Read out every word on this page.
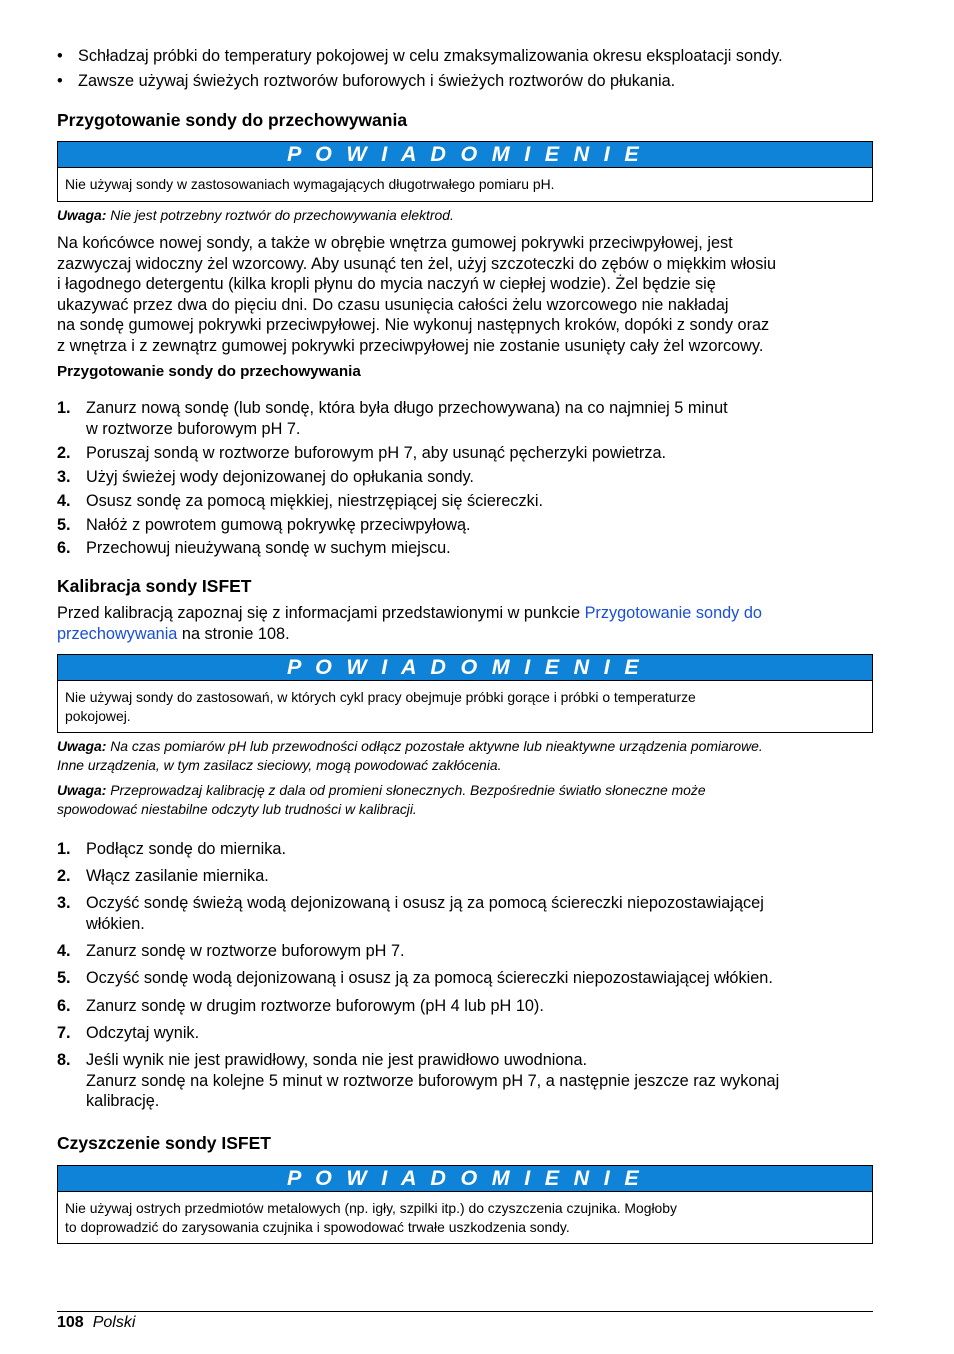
• Schładzaj próbki do temperatury pokojowej w celu zmaksymalizowania okresu eksploatacji sondy.
• Zawsze używaj świeżych roztworów buforowych i świeżych roztworów do płukania.
Przygotowanie sondy do przechowywania
P O W I A D O M I E N I E
Nie używaj sondy w zastosowaniach wymagających długotrwałego pomiaru pH.
Uwaga: Nie jest potrzebny roztwór do przechowywania elektrod.
Na końcówce nowej sondy, a także w obrębie wnętrza gumowej pokrywki przeciwpyłowej, jest
zazwyczaj widoczny żel wzorcowy. Aby usunąć ten żel, użyj szczoteczki do zębów o miękkim włosiu
i łagodnego detergentu (kilka kropli płynu do mycia naczyń w ciepłej wodzie). Żel będzie się
ukazywać przez dwa do pięciu dni. Do czasu usunięcia całości żelu wzorcowego nie nakładaj
na sondę gumowej pokrywki przeciwpyłowej. Nie wykonuj następnych kroków, dopóki z sondy oraz
z wnętrza i z zewnątrz gumowej pokrywki przeciwpyłowej nie zostanie usunięty cały żel wzorcowy.
Przygotowanie sondy do przechowywania
1. Zanurz nową sondę (lub sondę, która była długo przechowywana) na co najmniej 5 minut
w roztworze buforowym pH 7.
2. Poruszaj sondą w roztworze buforowym pH 7, aby usunąć pęcherzyki powietrza.
3. Użyj świeżej wody dejonizowanej do opłukania sondy.
4. Osusz sondę za pomocą miękkiej, niestrzępiącej się ściereczki.
5. Nałóż z powrotem gumową pokrywkę przeciwpyłową.
6. Przechowuj nieużywaną sondę w suchym miejscu.
Kalibracja sondy ISFET
Przed kalibracją zapoznaj się z informacjami przedstawionymi w punkcie Przygotowanie sondy do
przechowywania na stronie 108.
P O W I A D O M I E N I E
Nie używaj sondy do zastosowań, w których cykl pracy obejmuje próbki gorące i próbki o temperaturze
pokojowej.
Uwaga: Na czas pomiarów pH lub przewodności odłącz pozostałe aktywne lub nieaktywne urządzenia pomiarowe.
Inne urządzenia, w tym zasilacz sieciowy, mogą powodować zakłócenia.
Uwaga: Przeprowadzaj kalibrację z dala od promieni słonecznych. Bezpośrednie światło słoneczne może
spowodować niestabilne odczyty lub trudności w kalibracji.
1. Podłącz sondę do miernika.
2. Włącz zasilanie miernika.
3. Oczyść sondę świeżą wodą dejonizowaną i osusz ją za pomocą ściereczki niepozostawiającej
włókien.
4. Zanurz sondę w roztworze buforowym pH 7.
5. Oczyść sondę wodą dejonizowaną i osusz ją za pomocą ściereczki niepozostawiającej włókien.
6. Zanurz sondę w drugim roztworze buforowym (pH 4 lub pH 10).
7. Odczytaj wynik.
8. Jeśli wynik nie jest prawidłowy, sonda nie jest prawidłowo uwodniona.
Zanurz sondę na kolejne 5 minut w roztworze buforowym pH 7, a następnie jeszcze raz wykonaj
kalibrację.
Czyszczenie sondy ISFET
P O W I A D O M I E N I E
Nie używaj ostrych przedmiotów metalowych (np. igły, szpilki itp.) do czyszczenia czujnika. Mogłoby
to doprowadzić do zarysowania czujnika i spowodować trwałe uszkodzenia sondy.
108 Polski
